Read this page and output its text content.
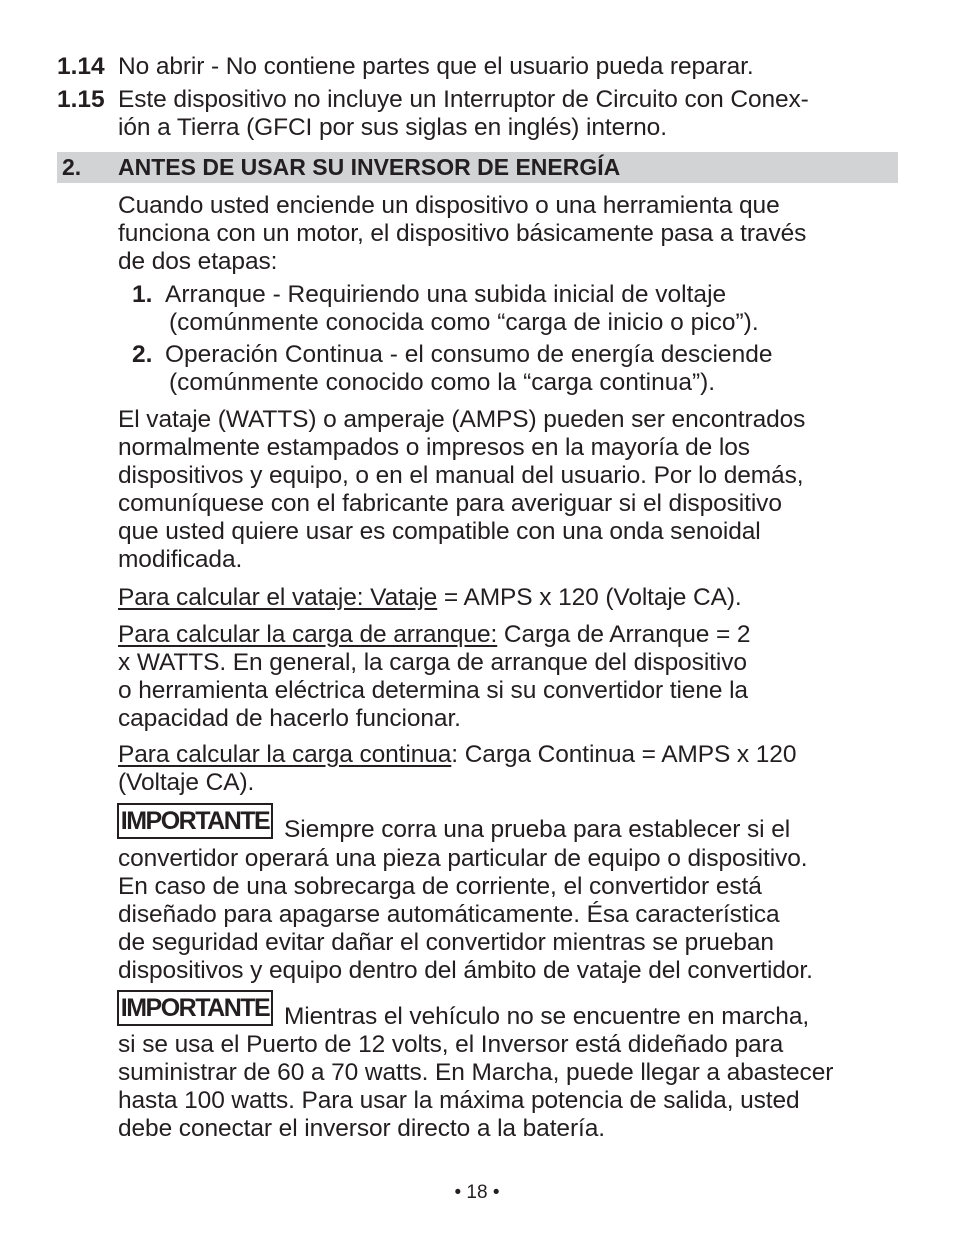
1.14 No abrir - No contiene partes que el usuario pueda reparar.
1.15 Este dispositivo no incluye un Interruptor de Circuito con Conex-
ión a Tierra (GFCI por sus siglas en inglés) interno.
2. ANTES DE USAR SU INVERSOR DE ENERGÍA
Cuando usted enciende un dispositivo o una herramienta que
funciona con un motor, el dispositivo básicamente pasa a través
de dos etapas:
1. Arranque - Requiriendo una subida inicial de voltaje
(comúnmente conocida como “carga de inicio o pico”).
2. Operación Continua - el consumo de energía desciende
(comúnmente conocido como la “carga continua”).
El vataje (WATTS) o amperaje (AMPS) pueden ser encontrados
normalmente estampados o impresos en la mayoría de los
dispositivos y equipo, o en el manual del usuario. Por lo demás,
comuníquese con el fabricante para averiguar si el dispositivo
que usted quiere usar es compatible con una onda senoidal
modificada.
Para calcular el vataje: Vataje = AMPS x 120 (Voltaje CA).
Para calcular la carga de arranque: Carga de Arranque = 2
x WATTS. En general, la carga de arranque del dispositivo
o herramienta eléctrica determina si su convertidor tiene la
capacidad de hacerlo funcionar.
Para calcular la carga continua: Carga Continua = AMPS x 120
(Voltaje CA).
IMPORTANTE Siempre corra una prueba para establecer si el
convertidor operará una pieza particular de equipo o dispositivo.
En caso de una sobrecarga de corriente, el convertidor está
diseñado para apagarse automáticamente. Ésa característica
de seguridad evitar dañar el convertidor mientras se prueban
dispositivos y equipo dentro del ámbito de vataje del convertidor.
IMPORTANTE Mientras el vehículo no se encuentre en marcha,
si se usa el Puerto de 12 volts, el Inversor está dideñado para
suministrar de 60 a 70 watts. En Marcha, puede llegar a abastecer
hasta 100 watts. Para usar la máxima potencia de salida, usted
debe conectar el inversor directo a la batería.
• 18 •
